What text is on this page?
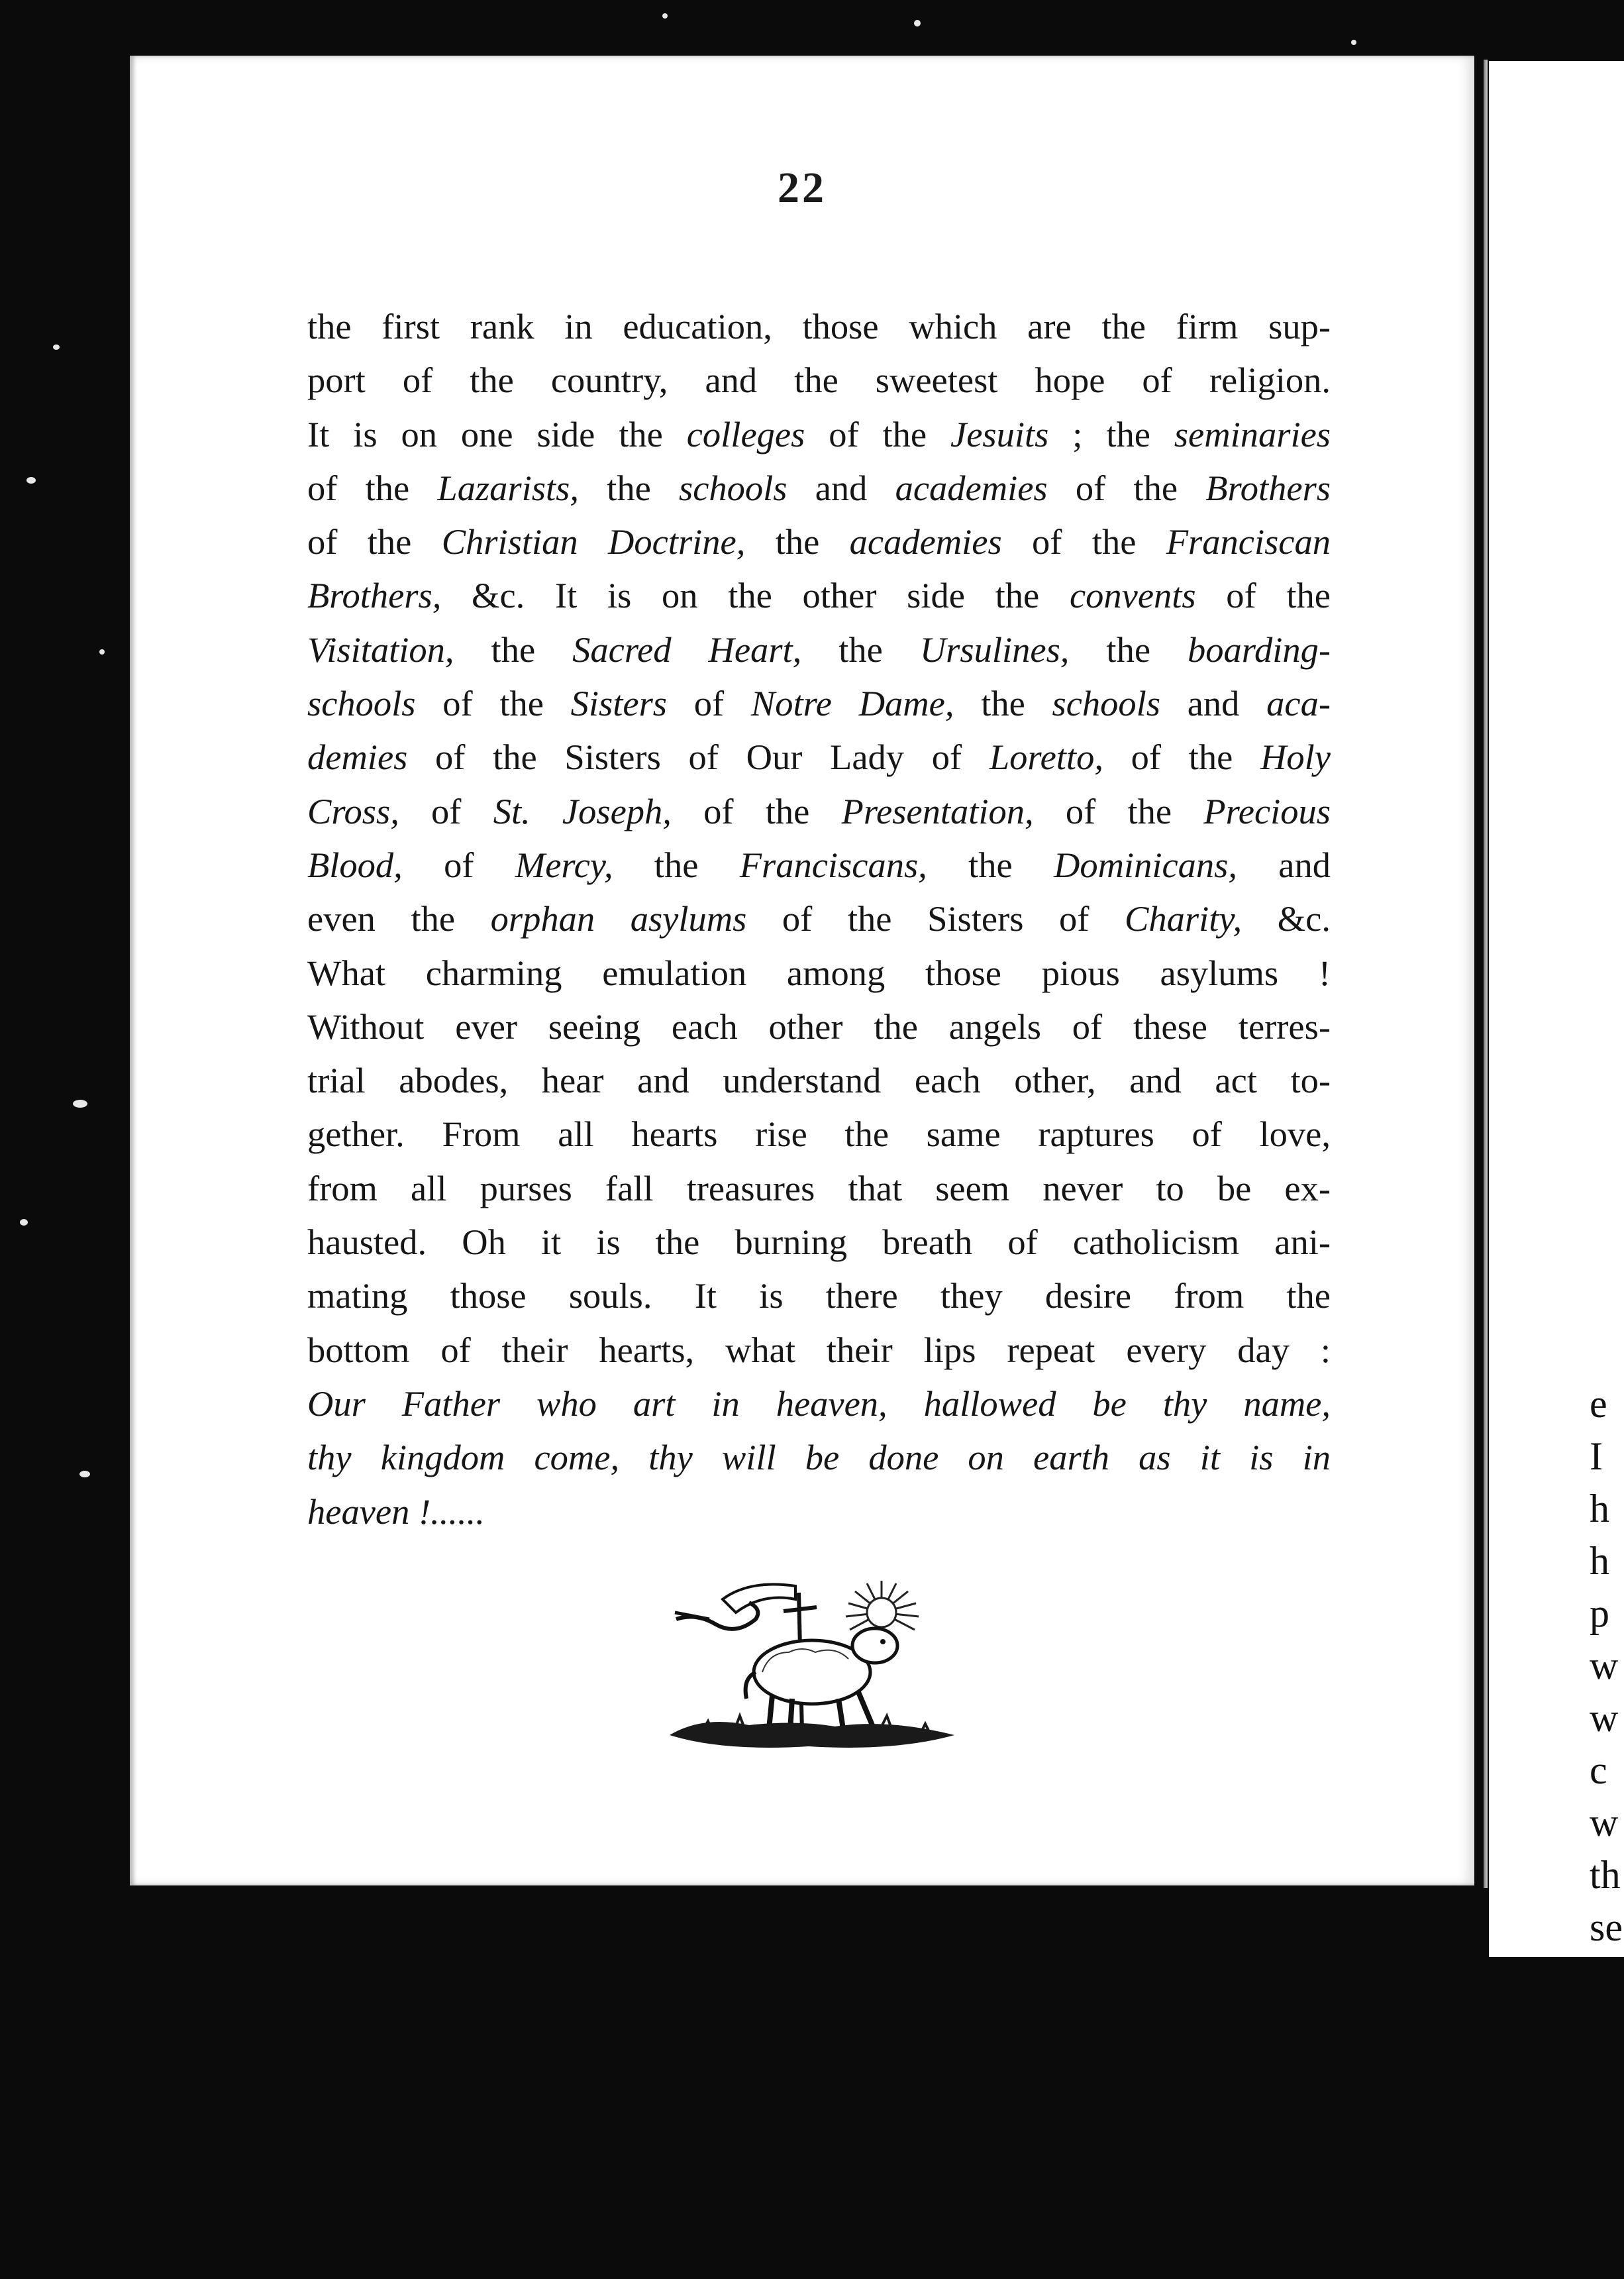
22
the first rank in education, those which are the firm sup-
port of the country, and the sweetest hope of religion.
It is on one side the colleges of the Jesuits ; the seminaries
of the Lazarists, the schools and academies of the Brothers
of the Christian Doctrine, the academies of the Franciscan
Brothers, &c. It is on the other side the convents of the
Visitation, the Sacred Heart, the Ursulines, the boarding-
schools of the Sisters of Notre Dame, the schools and aca-
demies of the Sisters of Our Lady of Loretto, of the Holy
Cross, of St. Joseph, of the Presentation, of the Precious
Blood, of Mercy, the Franciscans, the Dominicans, and
even the orphan asylums of the Sisters of Charity, &c.
What charming emulation among those pious asylums !
Without ever seeing each other the angels of these terres-
trial abodes, hear and understand each other, and act to-
gether. From all hearts rise the same raptures of love,
from all purses fall treasures that seem never to be ex-
hausted. Oh it is the burning breath of catholicism ani-
mating those souls. It is there they desire from the
bottom of their hearts, what their lips repeat every day :
Our Father who art in heaven, hallowed be thy name,
thy kingdom come, thy will be done on earth as it is in
heaven !......
e
I
h
h
p
w
w
c
w
th
se
